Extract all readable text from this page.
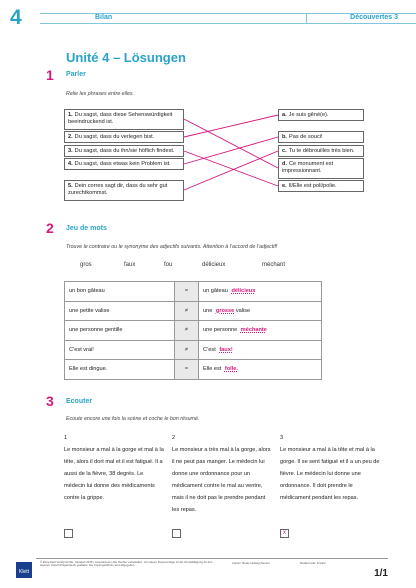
4	Bilan	Découvertes 3
Unité 4 – Lösungen
1 Parler
Relie les phrases entre elles.
1. Du sagst, dass diese Sehenswürdigkeit beeindruckend ist.
2. Du sagst, dass du verlegen bist.
3. Du sagst, dass du ihn/sie höflich findest.
4. Du sagst, dass etwas kein Problem ist.
5. Dein corres sagt dir, dass du sehr gut zurechtkommst.
a. Je suis gêné(e).
b. Pas de souci!
c. Tu te débrouilles très bien.
d. Ce monument est impressionnant.
e. Il/Elle est poli/polie.
2 Jeu de mots
Trouve le contraire ou le synonyme des adjectifs suivants. Attention à l’accord de l’adjectif!
gros	faux	fou	délicieux	méchant
un bon gâteau	=	un gâteau délicieux
une petite valise	≠	une grosse valise
une personne gentille	≠	une personne méchante
C’est vrai!	≠	C’est faux!
Elle est dingue.	=	Elle est folle.
3 Ecouter
Ecoute encore une fois la scène et coche le bon résumé.
1
Le monsieur a mal à la gorge et mal à la tête, alors il dort mal et il est fatigué. Il a aussi de la fièvre, 38 degrés. Le médecin lui donne des médicaments contre la grippe.
2
Le monsieur a très mal à la gorge, alors il ne peut pas manger. Le médecin lui donne une ordonnance pour un médicament contre le mal au ventre, mais il ne doit pas le prendre pendant les repas.
3
Le monsieur a mal à la tête et mal à la gorge. Il se sent fatigué et il a un peu de fièvre. Le médecin lui donne une ordonnance. Il doit prendre le médicament pendant les repas.
x
Klett
© Ernst Klett Verlag GmbH, Stuttgart 2015 | www.klett.de | Alle Rechte vorbehalten. Von dieser Kopiervorlage ist die Vervielfältigung für den eigenen Unterrichtsgebrauch gestattet. Die Kopiergebühren sind abgegolten.
Autorin: Beate Hellwig-Sievers	Mediencode: 4ne9uf
1/1
